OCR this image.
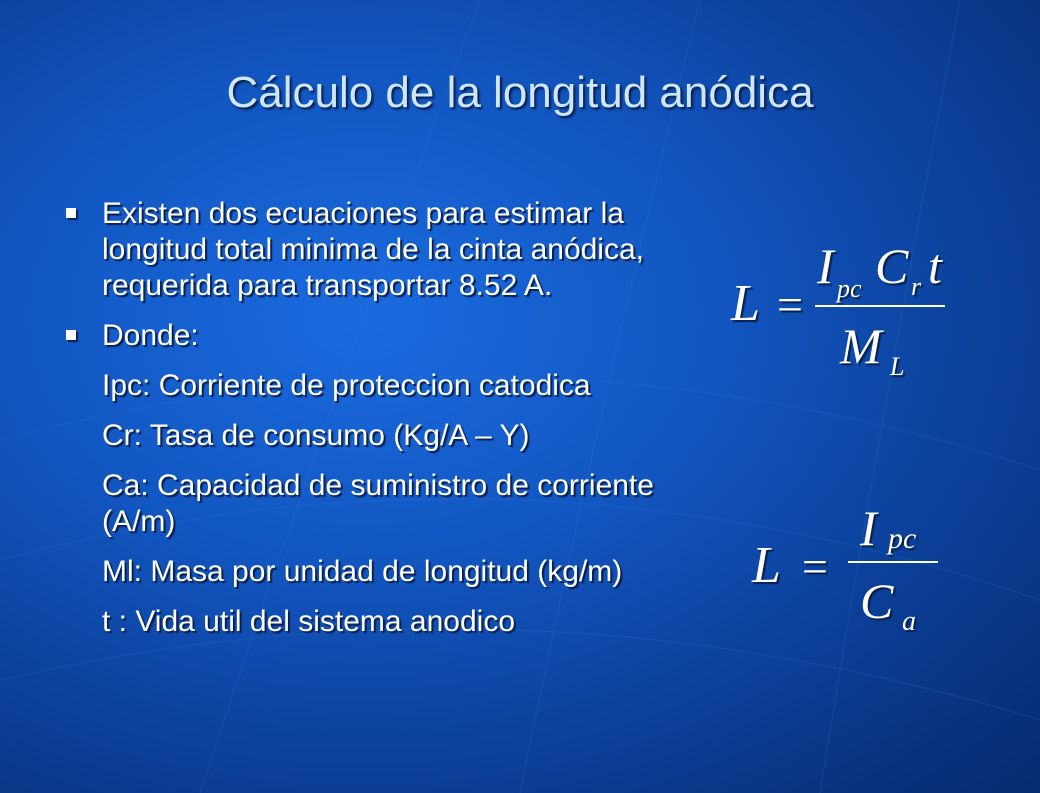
Cálculo de la longitud anódica
Existen dos ecuaciones para estimar la longitud total minima de la cinta anódica, requerida para transportar 8.52 A.
Donde:
Ipc: Corriente de proteccion catodica
Cr: Tasa de consumo (Kg/A – Y)
Ca: Capacidad de suministro de corriente (A/m)
Ml: Masa por unidad de longitud (kg/m)
t : Vida util del sistema anodico
L =
I pc C r t
M L
L =
I pc
C a
